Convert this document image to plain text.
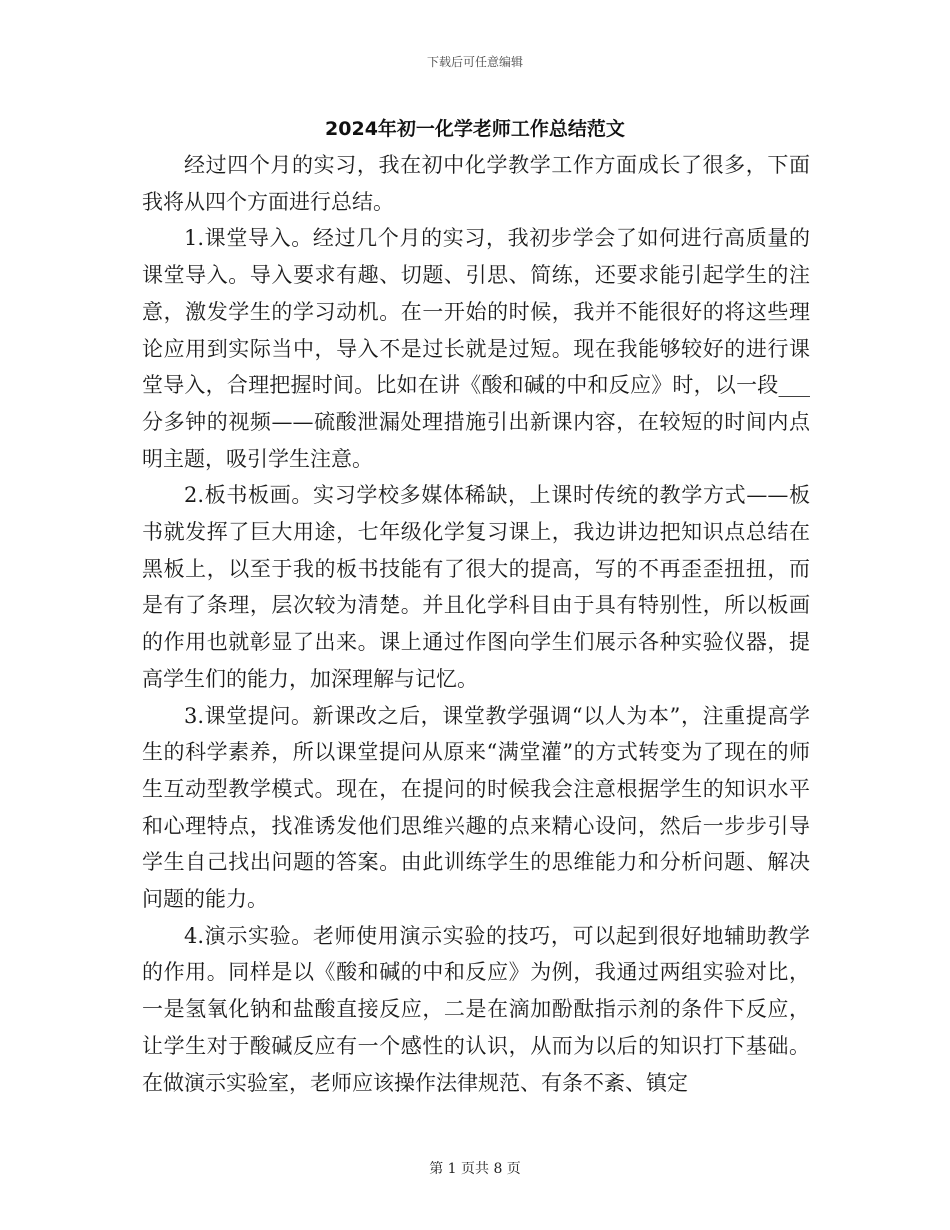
下载后可任意编辑
2024年初一化学老师工作总结范文

经过四个月的实习，我在初中化学教学工作方面成长了很多，下面我将从四个方面进行总结。

1.课堂导入。经过几个月的实习，我初步学会了如何进行高质量的课堂导入。导入要求有趣、切题、引思、简练，还要求能引起学生的注意，激发学生的学习动机。在一开始的时候，我并不能很好的将这些理论应用到实际当中，导入不是过长就是过短。现在我能够较好的进行课堂导入，合理把握时间。比如在讲《酸和碱的中和反应》时，以一段___分多钟的视频——硫酸泄漏处理措施引出新课内容，在较短的时间内点明主题，吸引学生注意。

2.板书板画。实习学校多媒体稀缺，上课时传统的教学方式——板书就发挥了巨大用途，七年级化学复习课上，我边讲边把知识点总结在黑板上，以至于我的板书技能有了很大的提高，写的不再歪歪扭扭，而是有了条理，层次较为清楚。并且化学科目由于具有特别性，所以板画的作用也就彰显了出来。课上通过作图向学生们展示各种实验仪器，提高学生们的能力，加深理解与记忆。

3.课堂提问。新课改之后，课堂教学强调“以人为本”，注重提高学生的科学素养，所以课堂提问从原来“满堂灌”的方式转变为了现在的师生互动型教学模式。现在，在提问的时候我会注意根据学生的知识水平和心理特点，找准诱发他们思维兴趣的点来精心设问，然后一步步引导学生自己找出问题的答案。由此训练学生的思维能力和分析问题、解决问题的能力。

4.演示实验。老师使用演示实验的技巧，可以起到很好地辅助教学的作用。同样是以《酸和碱的中和反应》为例，我通过两组实验对比，一是氢氧化钠和盐酸直接反应，二是在滴加酚酞指示剂的条件下反应，让学生对于酸碱反应有一个感性的认识，从而为以后的知识打下基础。在做演示实验室，老师应该操作法律规范、有条不紊、镇定

第 1 页共 8 页
